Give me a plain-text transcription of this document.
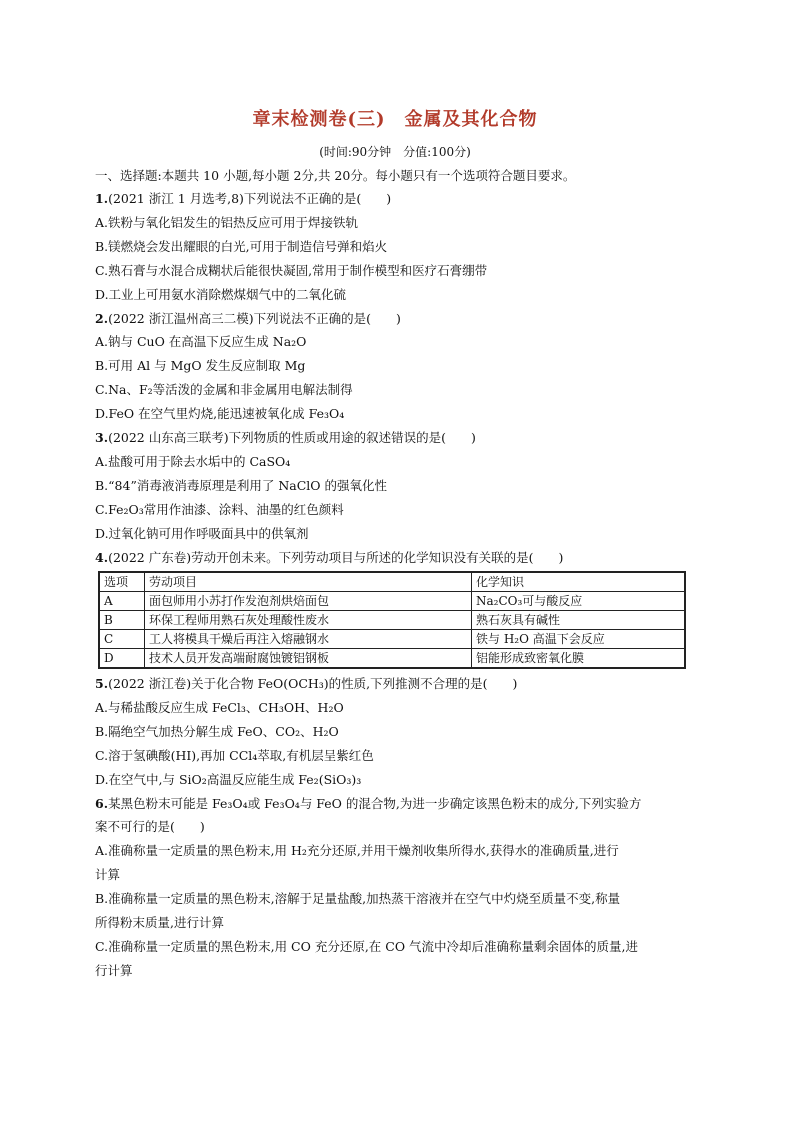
章末检测卷(三)　金属及其化合物
(时间:90分钟　分值:100分)
一、选择题:本题共 10 小题,每小题 2分,共 20分。每小题只有一个选项符合题目要求。
1.(2021 浙江 1 月选考,8)下列说法不正确的是(　　)
A.铁粉与氧化铝发生的铝热反应可用于焊接铁轨
B.镁燃烧会发出耀眼的白光,可用于制造信号弹和焰火
C.熟石膏与水混合成糊状后能很快凝固,常用于制作模型和医疗石膏绷带
D.工业上可用氨水消除燃煤烟气中的二氧化硫
2.(2022 浙江温州高三二模)下列说法不正确的是(　　)
A.钠与 CuO 在高温下反应生成 Na₂O
B.可用 Al 与 MgO 发生反应制取 Mg
C.Na、F₂等活泼的金属和非金属用电解法制得
D.FeO 在空气里灼烧,能迅速被氧化成 Fe₃O₄
3.(2022 山东高三联考)下列物质的性质或用途的叙述错误的是(　　)
A.盐酸可用于除去水垢中的 CaSO₄
B.“84”消毒液消毒原理是利用了 NaClO 的强氧化性
C.Fe₂O₃常用作油漆、涂料、油墨的红色颜料
D.过氧化钠可用作呼吸面具中的供氧剂
4.(2022 广东卷)劳动开创未来。下列劳动项目与所述的化学知识没有关联的是(　　)
选项	劳动项目	化学知识
A	面包师用小苏打作发泡剂烘焙面包	Na₂CO₃可与酸反应
B	环保工程师用熟石灰处理酸性废水	熟石灰具有碱性
C	工人将模具干燥后再注入熔融钢水	铁与 H₂O 高温下会反应
D	技术人员开发高端耐腐蚀镀铝钢板	铝能形成致密氧化膜
5.(2022 浙江卷)关于化合物 FeO(OCH₃)的性质,下列推测不合理的是(　　)
A.与稀盐酸反应生成 FeCl₃、CH₃OH、H₂O
B.隔绝空气加热分解生成 FeO、CO₂、H₂O
C.溶于氢碘酸(HI),再加 CCl₄萃取,有机层呈紫红色
D.在空气中,与 SiO₂高温反应能生成 Fe₂(SiO₃)₃
6.某黑色粉末可能是 Fe₃O₄或 Fe₃O₄与 FeO 的混合物,为进一步确定该黑色粉末的成分,下列实验方
案不可行的是(　　)
A.准确称量一定质量的黑色粉末,用 H₂充分还原,并用干燥剂收集所得水,获得水的准确质量,进行
计算
B.准确称量一定质量的黑色粉末,溶解于足量盐酸,加热蒸干溶液并在空气中灼烧至质量不变,称量
所得粉末质量,进行计算
C.准确称量一定质量的黑色粉末,用 CO 充分还原,在 CO 气流中冷却后准确称量剩余固体的质量,进
行计算
